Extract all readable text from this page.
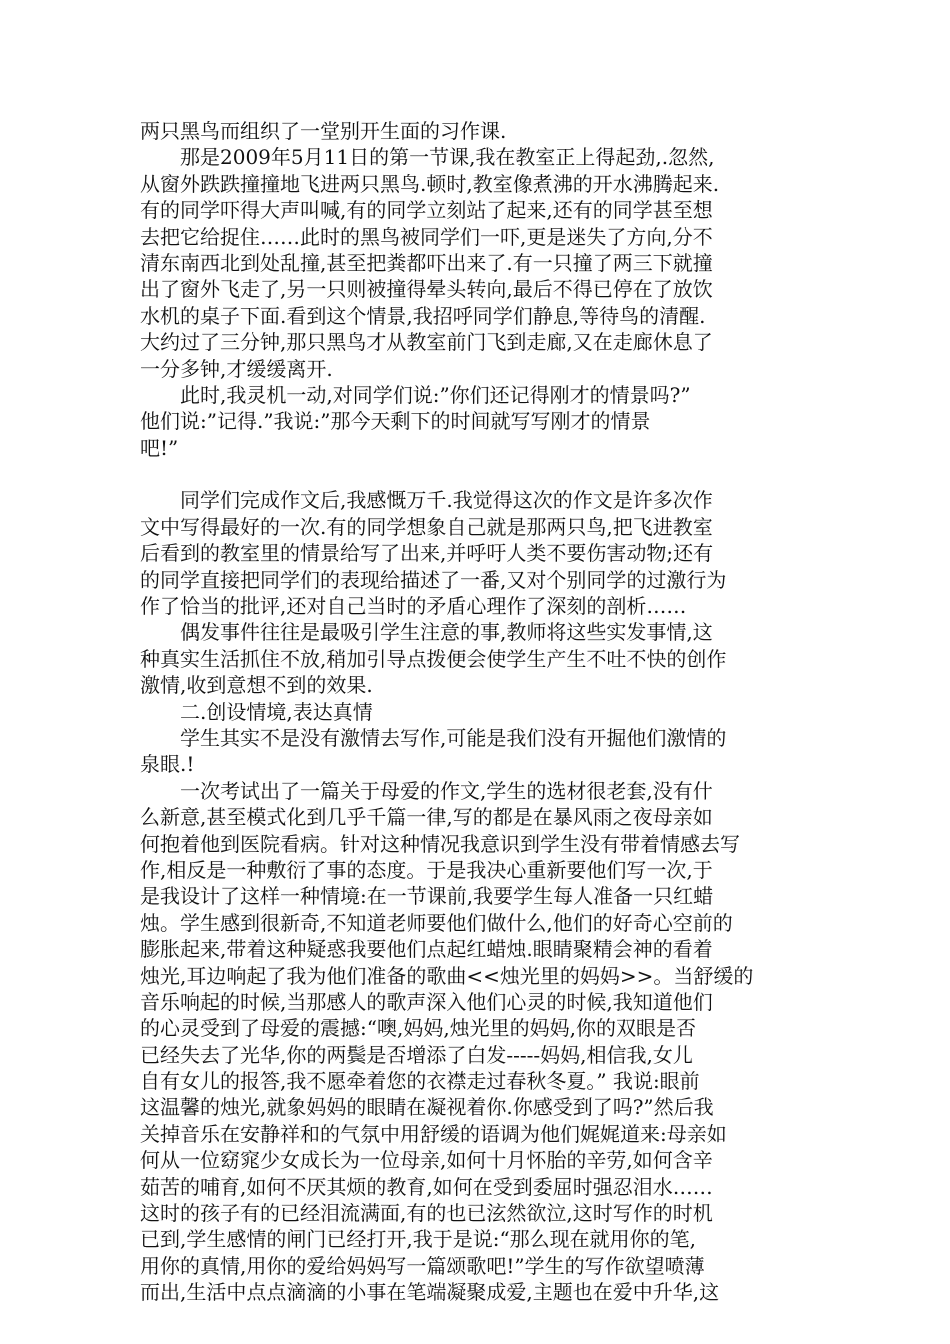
两只黑鸟而组织了一堂别开生面的习作课.
　　那是2009年5月11日的第一节课,我在教室正上得起劲,.忽然,
从窗外跌跌撞撞地飞进两只黑鸟.顿时,教室像煮沸的开水沸腾起来.
有的同学吓得大声叫喊,有的同学立刻站了起来,还有的同学甚至想
去把它给捉住……此时的黑鸟被同学们一吓,更是迷失了方向,分不
清东南西北到处乱撞,甚至把粪都吓出来了.有一只撞了两三下就撞
出了窗外飞走了,另一只则被撞得晕头转向,最后不得已停在了放饮
水机的桌子下面.看到这个情景,我招呼同学们静息,等待鸟的清醒.
大约过了三分钟,那只黑鸟才从教室前门飞到走廊,又在走廊休息了
一分多钟,才缓缓离开.
　　此时,我灵机一动,对同学们说:”你们还记得刚才的情景吗?”
他们说:”记得.”我说:”那今天剩下的时间就写写刚才的情景
吧!”
　　同学们完成作文后,我感慨万千.我觉得这次的作文是许多次作
文中写得最好的一次.有的同学想象自己就是那两只鸟,把飞进教室
后看到的教室里的情景给写了出来,并呼吁人类不要伤害动物;还有
的同学直接把同学们的表现给描述了一番,又对个别同学的过激行为
作了恰当的批评,还对自己当时的矛盾心理作了深刻的剖析……
　　偶发事件往往是最吸引学生注意的事,教师将这些实发事情,这
种真实生活抓住不放,稍加引导点拨便会使学生产生不吐不快的创作
激情,收到意想不到的效果.
　　二.创设情境,表达真情
　　学生其实不是没有激情去写作,可能是我们没有开掘他们激情的
泉眼.!
　　一次考试出了一篇关于母爱的作文,学生的选材很老套,没有什
么新意,甚至模式化到几乎千篇一律,写的都是在暴风雨之夜母亲如
何抱着他到医院看病。针对这种情况我意识到学生没有带着情感去写
作,相反是一种敷衍了事的态度。于是我决心重新要他们写一次,于
是我设计了这样一种情境:在一节课前,我要学生每人准备一只红蜡
烛。学生感到很新奇,不知道老师要他们做什么,他们的好奇心空前的
膨胀起来,带着这种疑惑我要他们点起红蜡烛.眼睛聚精会神的看着
烛光,耳边响起了我为他们准备的歌曲<<烛光里的妈妈>>。当舒缓的
音乐响起的时候,当那感人的歌声深入他们心灵的时候,我知道他们
的心灵受到了母爱的震撼:“噢,妈妈,烛光里的妈妈,你的双眼是否
已经失去了光华,你的两鬓是否增添了白发-----妈妈,相信我,女儿
自有女儿的报答,我不愿牵着您的衣襟走过春秋冬夏。” 我说:眼前
这温馨的烛光,就象妈妈的眼睛在凝视着你.你感受到了吗?”然后我
关掉音乐在安静祥和的气氛中用舒缓的语调为他们娓娓道来:母亲如
何从一位窈窕少女成长为一位母亲,如何十月怀胎的辛劳,如何含辛
茹苦的哺育,如何不厌其烦的教育,如何在受到委屈时强忍泪水……
这时的孩子有的已经泪流满面,有的也已泫然欲泣,这时写作的时机
已到,学生感情的闸门已经打开,我于是说:“那么现在就用你的笔,
用你的真情,用你的爱给妈妈写一篇颂歌吧!”学生的写作欲望喷薄
而出,生活中点点滴滴的小事在笔端凝聚成爱,主题也在爱中升华,这
